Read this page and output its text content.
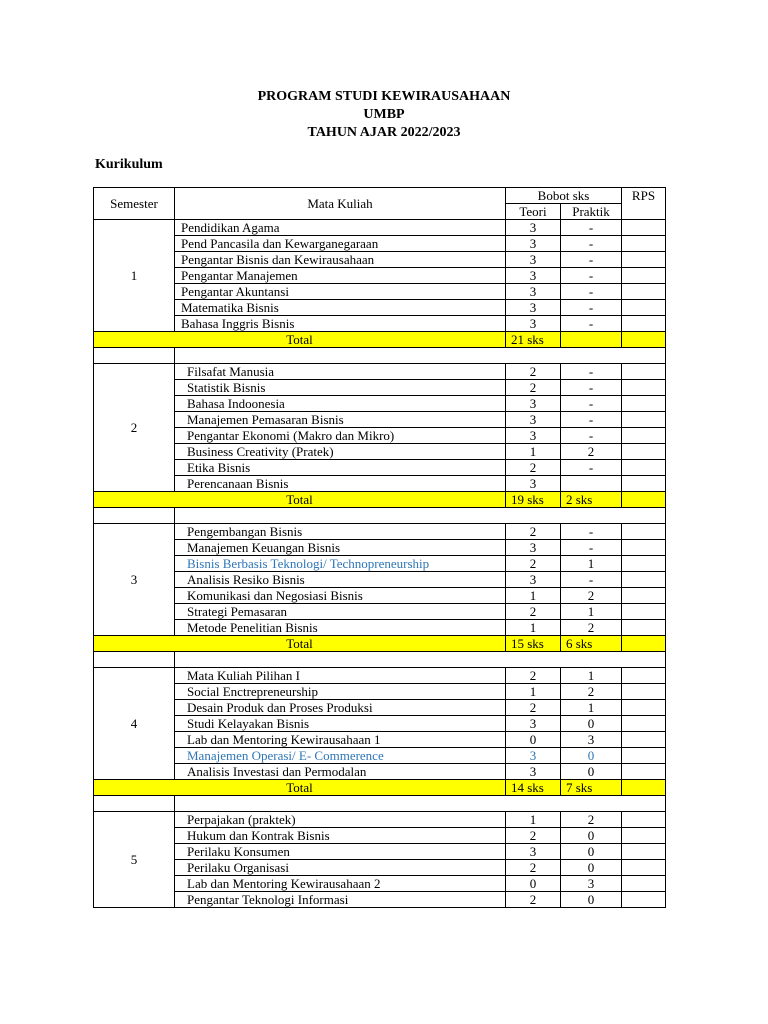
PROGRAM STUDI KEWIRAUSAHAAN
UMBP
TAHUN AJAR 2022/2023
Kurikulum
Semester	Mata Kuliah	Bobot sks		RPS
		Teori	Praktik	
1	Pendidikan Agama	3	-	
	Pend Pancasila dan Kewarganegaraan	3	-	
	Pengantar Bisnis dan Kewirausahaan	3	-	
	Pengantar Manajemen	3	-	
	Pengantar Akuntansi	3	-	
	Matematika Bisnis	3	-	
	Bahasa Inggris Bisnis	3	-	
Total		21 sks		

2	Filsafat Manusia	2	-	
	Statistik Bisnis	2	-	
	Bahasa Indoonesia	3	-	
	Manajemen Pemasaran Bisnis	3	-	
	Pengantar Ekonomi (Makro dan Mikro)	3	-	
	Business Creativity (Pratek)	1	2	
	Etika Bisnis	2	-	
	Perencanaan Bisnis	3		
Total		19 sks	2 sks	

3	Pengembangan Bisnis	2	-	
	Manajemen Keuangan Bisnis	3	-	
	Bisnis Berbasis Teknologi/ Technopreneurship	2	1	
	Analisis Resiko Bisnis	3	-	
	Komunikasi dan Negosiasi Bisnis	1	2	
	Strategi Pemasaran	2	1	
	Metode Penelitian Bisnis	1	2	
Total		15 sks	6 sks	

4	Mata Kuliah Pilihan I	2	1	
	Social Enctrepreneurship	1	2	
	Desain Produk dan Proses Produksi	2	1	
	Studi Kelayakan Bisnis	3	0	
	Lab dan Mentoring Kewirausahaan 1	0	3	
	Manajemen Operasi/ E- Commerence	3	0	
	Analisis Investasi dan Permodalan	3	0	
Total		14 sks	7 sks	

5	Perpajakan (praktek)	1	2	
	Hukum dan Kontrak Bisnis	2	0	
	Perilaku Konsumen	3	0	
	Perilaku Organisasi	2	0	
	Lab dan Mentoring Kewirausahaan 2	0	3	
	Pengantar Teknologi Informasi	2	0	
